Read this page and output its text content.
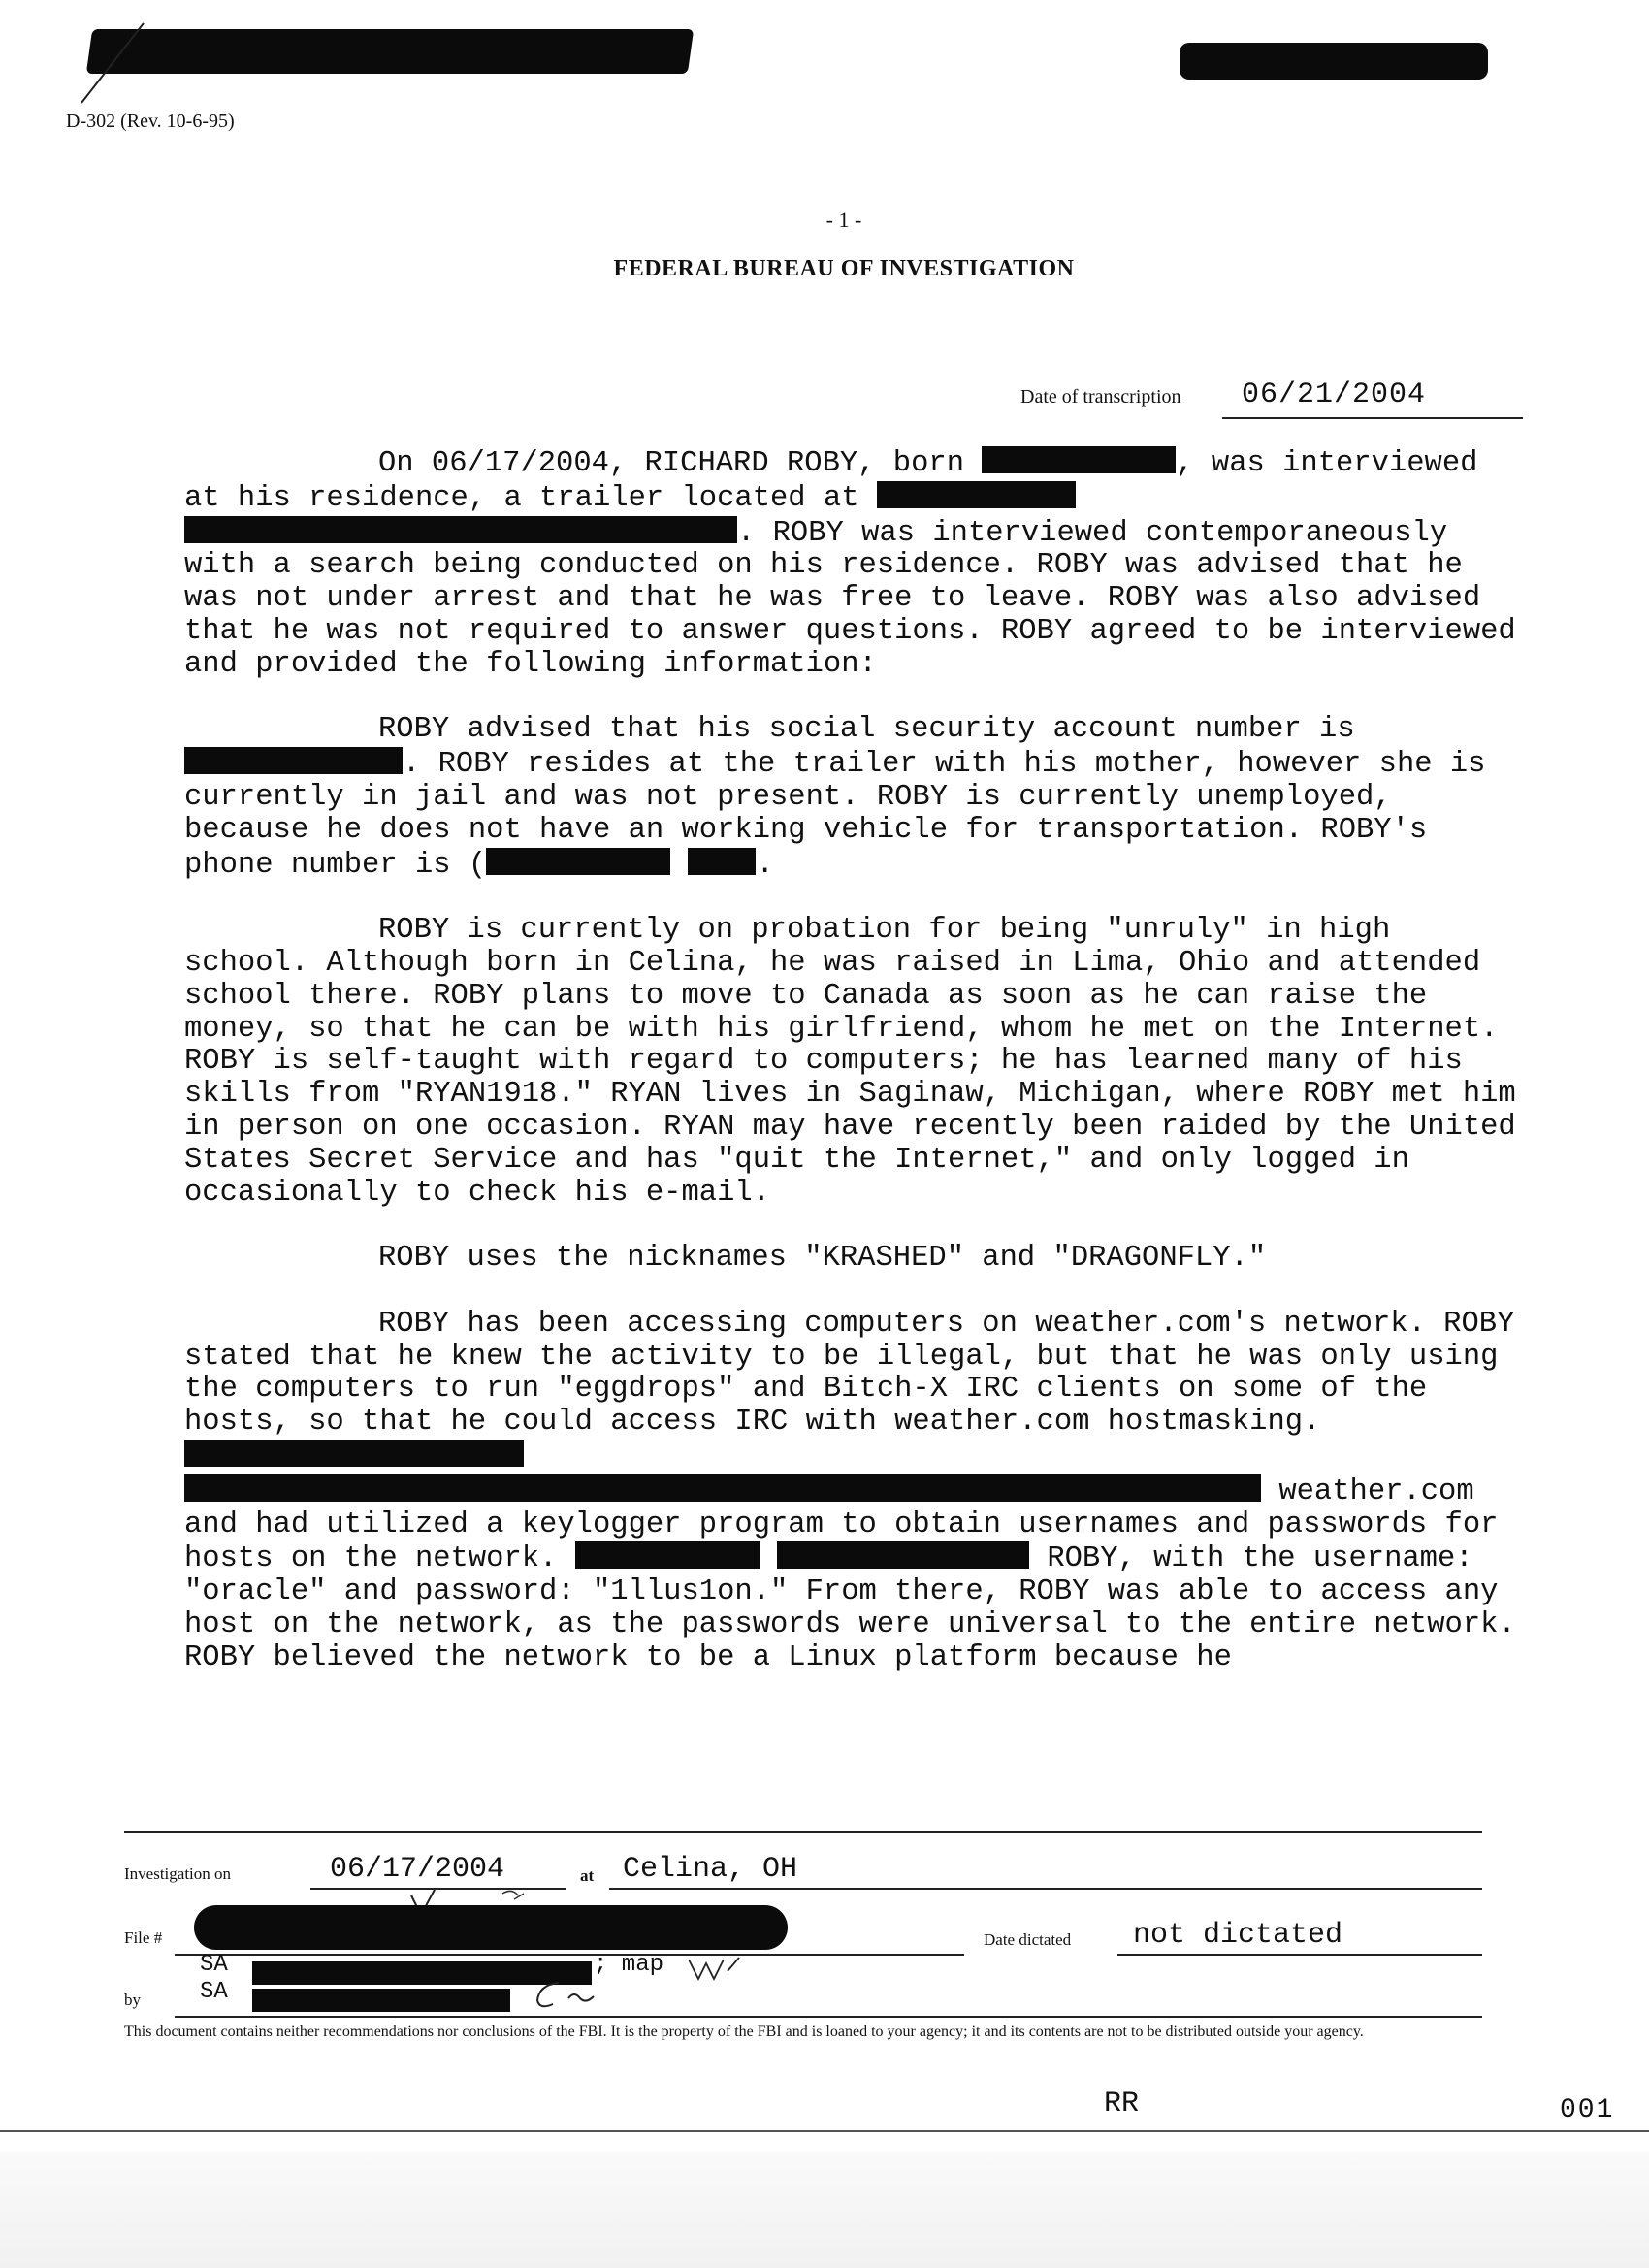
D-302 (Rev. 10-6-95)
- 1 -
FEDERAL BUREAU OF INVESTIGATION
Date of transcription 06/21/2004

On 06/17/2004, RICHARD ROBY, born	, was interviewed at his residence, a trailer located at  . ROBY was interviewed contemporaneously with a search being conducted on his residence. ROBY was advised that he was not under arrest and that he was free to leave. ROBY was also advised that he was not required to answer questions. ROBY agreed to be interviewed and provided the following information:

ROBY advised that his social security account number is . ROBY resides at the trailer with his mother, however she is currently in jail and was not present. ROBY is currently unemployed, because he does not have an working vehicle for transportation. ROBY's phone number is (	.

ROBY is currently on probation for being "unruly" in high school. Although born in Celina, he was raised in Lima, Ohio and attended school there. ROBY plans to move to Canada as soon as he can raise the money, so that he can be with his girlfriend, whom he met on the Internet. ROBY is self-taught with regard to computers; he has learned many of his skills from "RYAN1918." RYAN lives in Saginaw, Michigan, where ROBY met him in person on one occasion. RYAN may have recently been raided by the United States Secret Service and has "quit the Internet," and only logged in occasionally to check his e-mail.

ROBY uses the nicknames "KRASHED" and "DRAGONFLY."

ROBY has been accessing computers on weather.com's network. ROBY stated that he knew the activity to be illegal, but that he was only using the computers to run "eggdrops" and Bitch-X IRC clients on some of the hosts, so that he could access IRC with weather.com hostmasking.   weather.com and had utilized a keylogger program to obtain usernames and passwords for hosts on the network.	ROBY, with the username: "oracle" and password: "1llus1on." From there, ROBY was able to access any host on the network, as the passwords were universal to the entire network. ROBY believed the network to be a Linux platform because he

Investigation on	06/17/2004	at Celina, OH
File #	Date dictated not dictated
SA	; map
by	SA
This document contains neither recommendations nor conclusions of the FBI. It is the property of the FBI and is loaned to your agency; it and its contents are not to be distributed outside your agency.
RR	001
